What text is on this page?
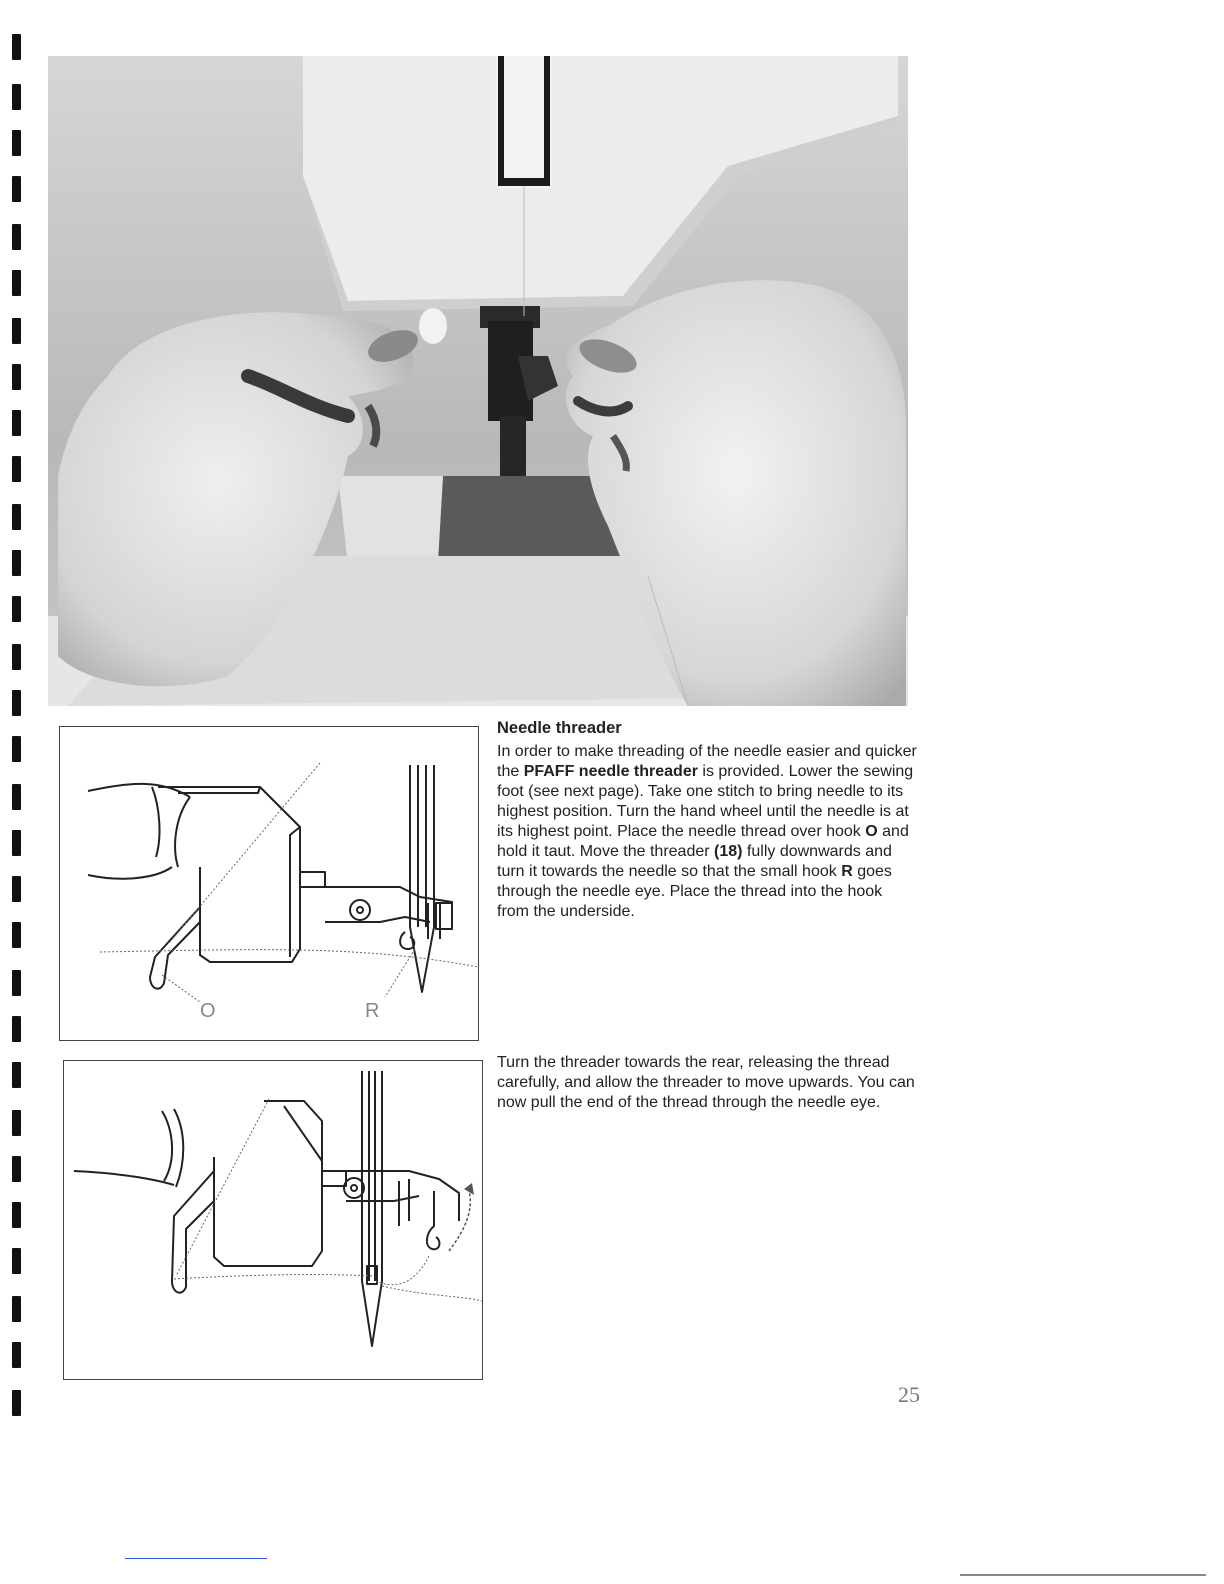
O	R
Needle threader
In order to make threading of the needle easier and quicker the PFAFF needle threader is provided. Lower the sewing foot (see next page). Take one stitch to bring needle to its highest position. Turn the hand wheel until the needle is at its highest point. Place the needle thread over hook O and hold it taut. Move the threader (18) fully downwards and turn it towards the needle so that the small hook R goes through the needle eye. Place the thread into the hook from the underside.
Turn the threader towards the rear, releasing the thread carefully, and allow the threader to move upwards. You can now pull the end of the thread through the needle eye.
25
